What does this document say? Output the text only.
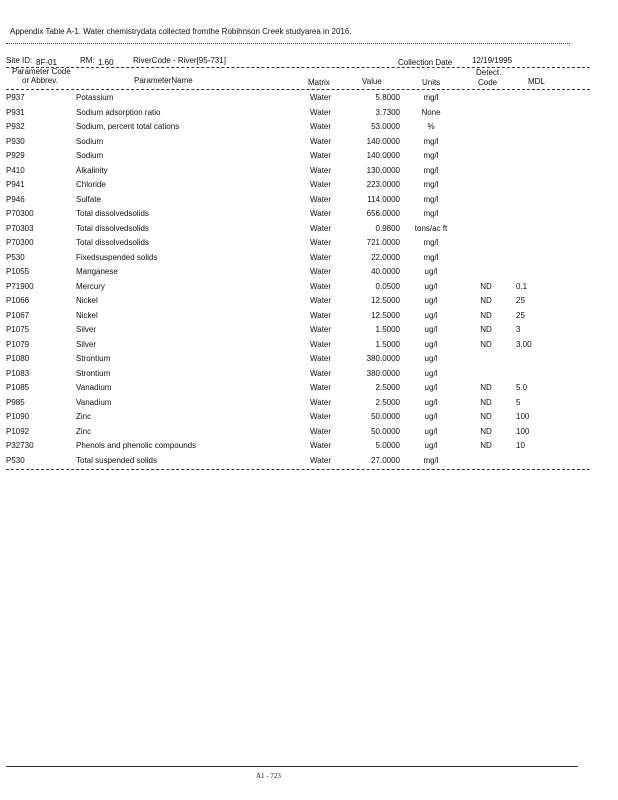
Appendix Table A-1. Water chemistrydata collected fromthe Robihnson Creek studyarea in 2016.
Site ID: 8F-01	RM: 1.60 RiverCode - River[95-731]	Collection Date 12/19/1995
Parameter Code
or Abbrev.	ParameterName	Matrix	Value	Units
Detect.
Code	MDL
P937	Potassium	Water	5.8000	mg/l
P931	Sodium adsorption ratio	Water	3.7300	None
P932	Sodium, percent total cations	Water	53.0000	%
P930	Sodium	Water	140.0000	mg/l
P929	Sodium	Water	140.0000	mg/l
P410	Alkalinity	Water	130.0000	mg/l
P941	Chloride	Water	223.0000	mg/l
P946	Sulfate	Water	114.0000	mg/l
P70300	Total dissolvedsolids	Water	656.0000	mg/l
P70303	Total dissolvedsolids	Water	0.9800	tons/ac ft
P70300	Total dissolvedsolids	Water	721.0000	mg/l
P530	Fixedsuspended solids	Water	22.0000	mg/l
P1055	Manganese	Water	40.0000	ug/l
P71900	Mercury	Water	0.0500	ug/l	ND	0.1
P1066	Nickel	Water	12.5000	ug/l	ND	25
P1067	Nickel	Water	12.5000	ug/l	ND	25
P1075	Silver	Water	1.5000	ug/l	ND	3
P1079	Silver	Water	1.5000	ug/l	ND	3.00
P1080	Strontium	Water	380.0000	ug/l
P1083	Strontium	Water	380.0000	ug/l
P1085	Vanadium	Water	2.5000	ug/l	ND	5.0
P985	Vanadium	Water	2.5000	ug/l	ND	5
P1090	Zinc	Water	50.0000	ug/l	ND	100
P1092	Zinc	Water	50.0000	ug/l	ND	100
P32730	Phenols and phenolic compounds	Water	5.0000	ug/l	ND	10
P530	Total suspended solids	Water	27.0000	mg/l
A1 - 723
